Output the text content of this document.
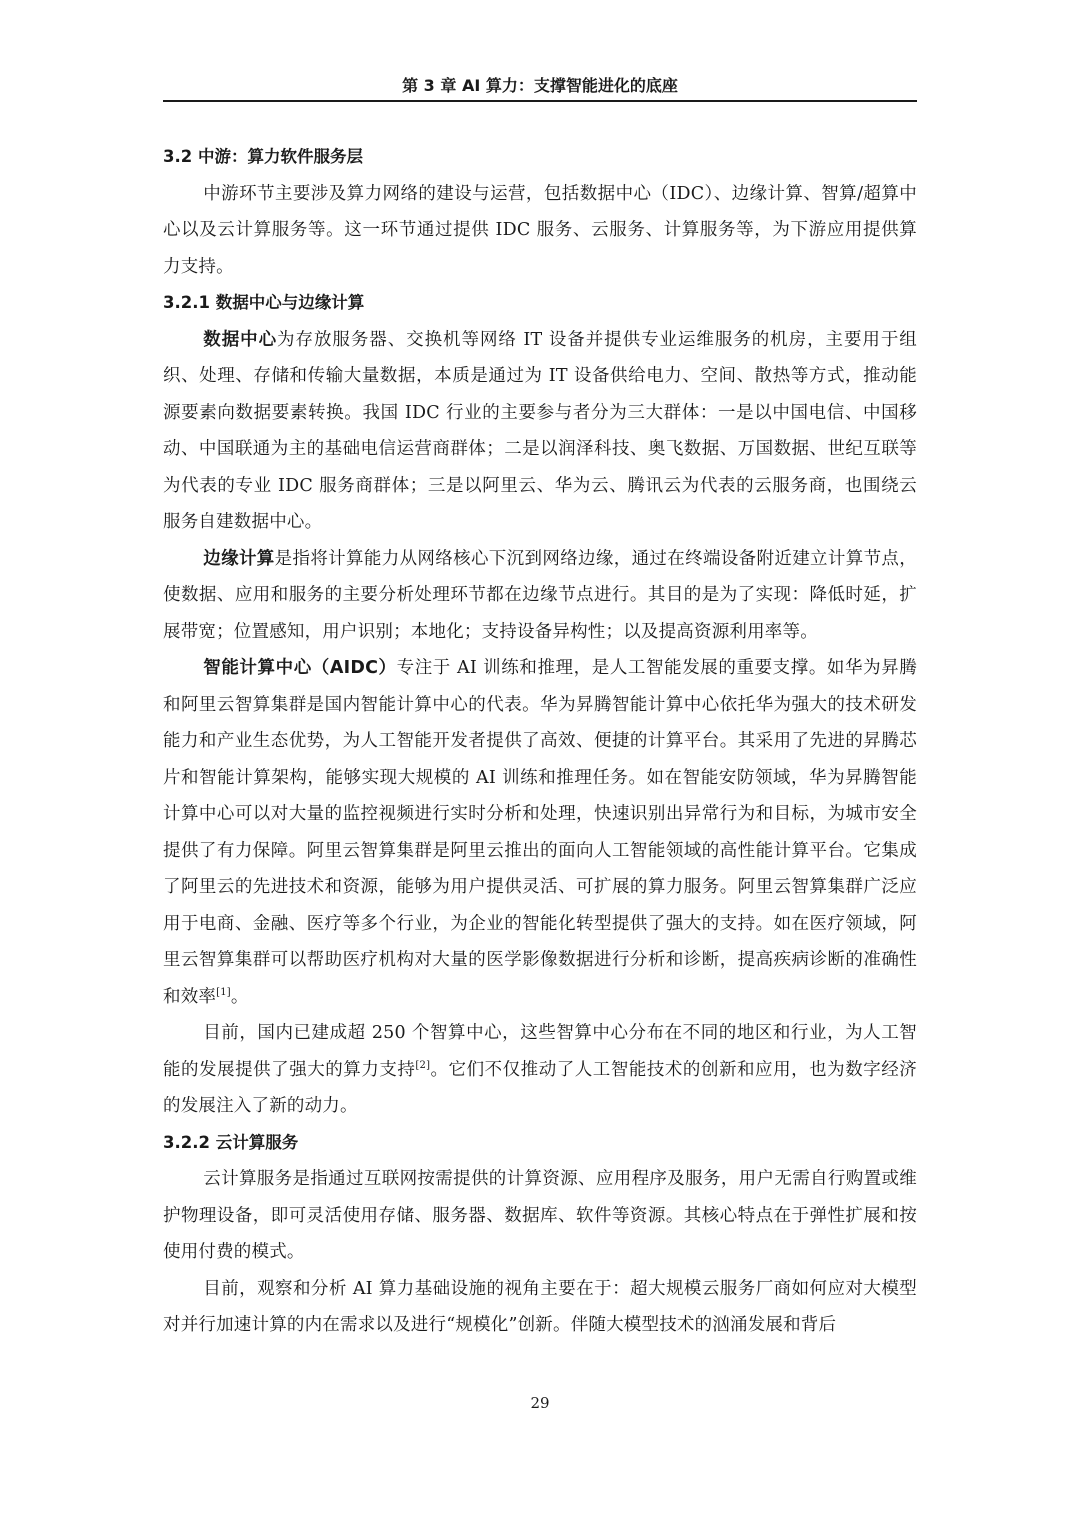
第 3 章 AI 算力：支撑智能进化的底座
3.2 中游：算力软件服务层

中游环节主要涉及算力网络的建设与运营，包括数据中心（IDC）、边缘计算、智算/超算中心以及云计算服务等。这一环节通过提供 IDC 服务、云服务、计算服务等，为下游应用提供算力支持。

3.2.1 数据中心与边缘计算

数据中心为存放服务器、交换机等网络 IT 设备并提供专业运维服务的机房，主要用于组织、处理、存储和传输大量数据，本质是通过为 IT 设备供给电力、空间、散热等方式，推动能源要素向数据要素转换。我国 IDC 行业的主要参与者分为三大群体：一是以中国电信、中国移动、中国联通为主的基础电信运营商群体；二是以润泽科技、奥飞数据、万国数据、世纪互联等为代表的专业 IDC 服务商群体；三是以阿里云、华为云、腾讯云为代表的云服务商，也围绕云服务自建数据中心。

边缘计算是指将计算能力从网络核心下沉到网络边缘，通过在终端设备附近建立计算节点，使数据、应用和服务的主要分析处理环节都在边缘节点进行。其目的是为了实现：降低时延，扩展带宽；位置感知，用户识别；本地化；支持设备异构性；以及提高资源利用率等。

智能计算中心（AIDC）专注于 AI 训练和推理，是人工智能发展的重要支撑。如华为昇腾和阿里云智算集群是国内智能计算中心的代表。华为昇腾智能计算中心依托华为强大的技术研发能力和产业生态优势，为人工智能开发者提供了高效、便捷的计算平台。其采用了先进的昇腾芯片和智能计算架构，能够实现大规模的 AI 训练和推理任务。如在智能安防领域，华为昇腾智能计算中心可以对大量的监控视频进行实时分析和处理，快速识别出异常行为和目标，为城市安全提供了有力保障。阿里云智算集群是阿里云推出的面向人工智能领域的高性能计算平台。它集成了阿里云的先进技术和资源，能够为用户提供灵活、可扩展的算力服务。阿里云智算集群广泛应用于电商、金融、医疗等多个行业，为企业的智能化转型提供了强大的支持。如在医疗领域，阿里云智算集群可以帮助医疗机构对大量的医学影像数据进行分析和诊断，提高疾病诊断的准确性和效率[1]。

目前，国内已建成超 250 个智算中心，这些智算中心分布在不同的地区和行业，为人工智能的发展提供了强大的算力支持[2]。它们不仅推动了人工智能技术的创新和应用，也为数字经济的发展注入了新的动力。

3.2.2 云计算服务

云计算服务是指通过互联网按需提供的计算资源、应用程序及服务，用户无需自行购置或维护物理设备，即可灵活使用存储、服务器、数据库、软件等资源。其核心特点在于弹性扩展和按使用付费的模式。

目前，观察和分析 AI 算力基础设施的视角主要在于：超大规模云服务厂商如何应对大模型对并行加速计算的内在需求以及进行“规模化”创新。伴随大模型技术的汹涌发展和背后

29
